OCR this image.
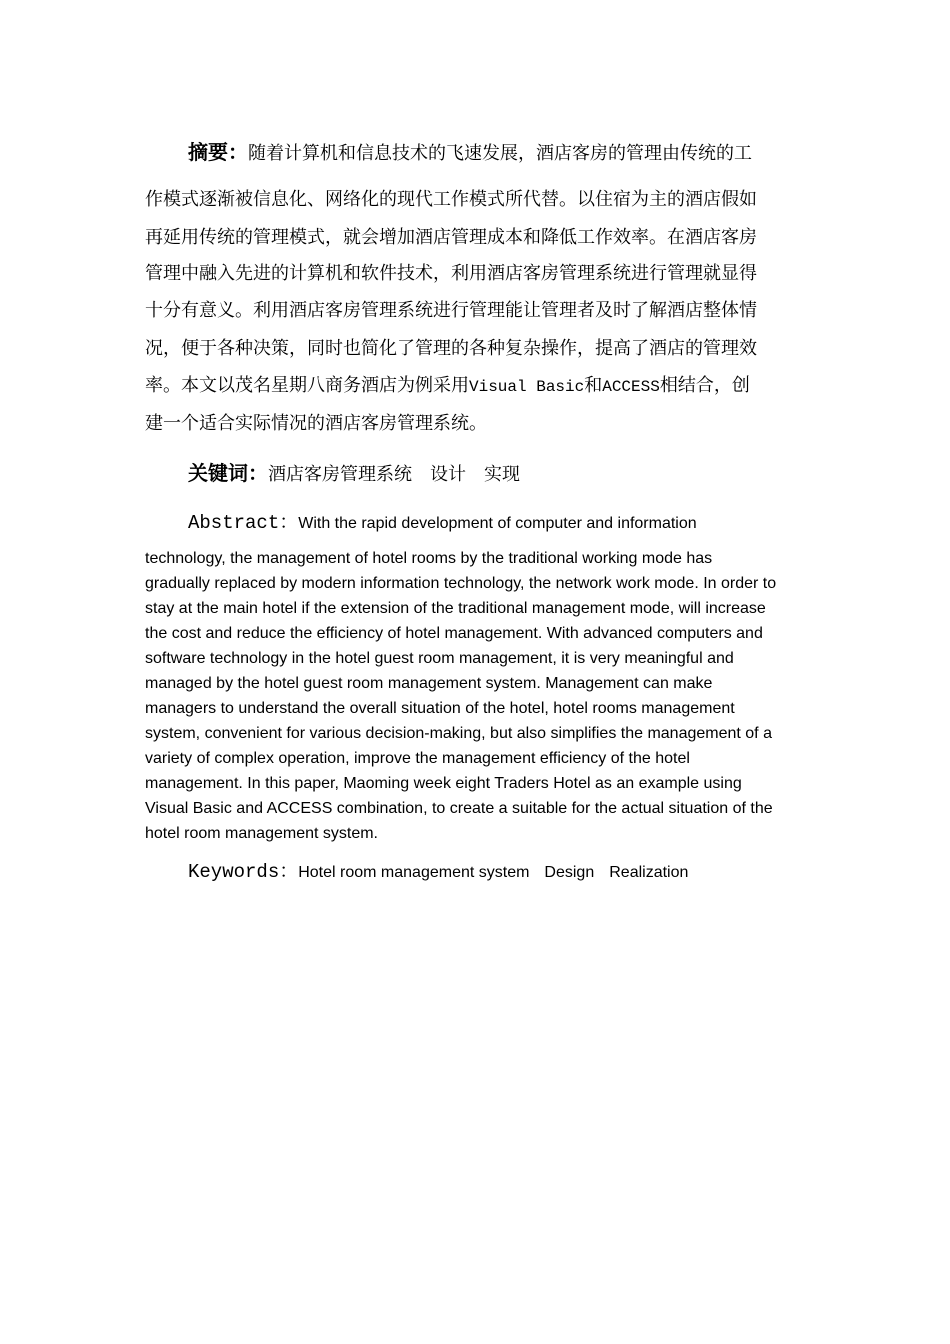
摘要：随着计算机和信息技术的飞速发展，酒店客房的管理由传统的工
作模式逐渐被信息化、网络化的现代工作模式所代替。以住宿为主的酒店假如
再延用传统的管理模式，就会增加酒店管理成本和降低工作效率。在酒店客房
管理中融入先进的计算机和软件技术，利用酒店客房管理系统进行管理就显得
十分有意义。利用酒店客房管理系统进行管理能让管理者及时了解酒店整体情
况，便于各种决策，同时也简化了管理的各种复杂操作，提高了酒店的管理效
率。本文以茂名星期八商务酒店为例采用Visual Basic和ACCESS相结合，创
建一个适合实际情况的酒店客房管理系统。
关键词：酒店客房管理系统 设计 实现
Abstract：With the rapid development of computer and information
technology, the management of hotel rooms by the traditional working mode has
gradually replaced by modern information technology, the network work mode. In order to
stay at the main hotel if the extension of the traditional management mode, will increase
the cost and reduce the efficiency of hotel management. With advanced computers and
software technology in the hotel guest room management, it is very meaningful and
managed by the hotel guest room management system. Management can make
managers to understand the overall situation of the hotel, hotel rooms management
system, convenient for various decision-making, but also simplifies the management of a
variety of complex operation, improve the management efficiency of the hotel
management. In this paper, Maoming week eight Traders Hotel as an example using
Visual Basic and ACCESS combination, to create a suitable for the actual situation of the
hotel room management system.
Keywords：Hotel room management system Design Realization
